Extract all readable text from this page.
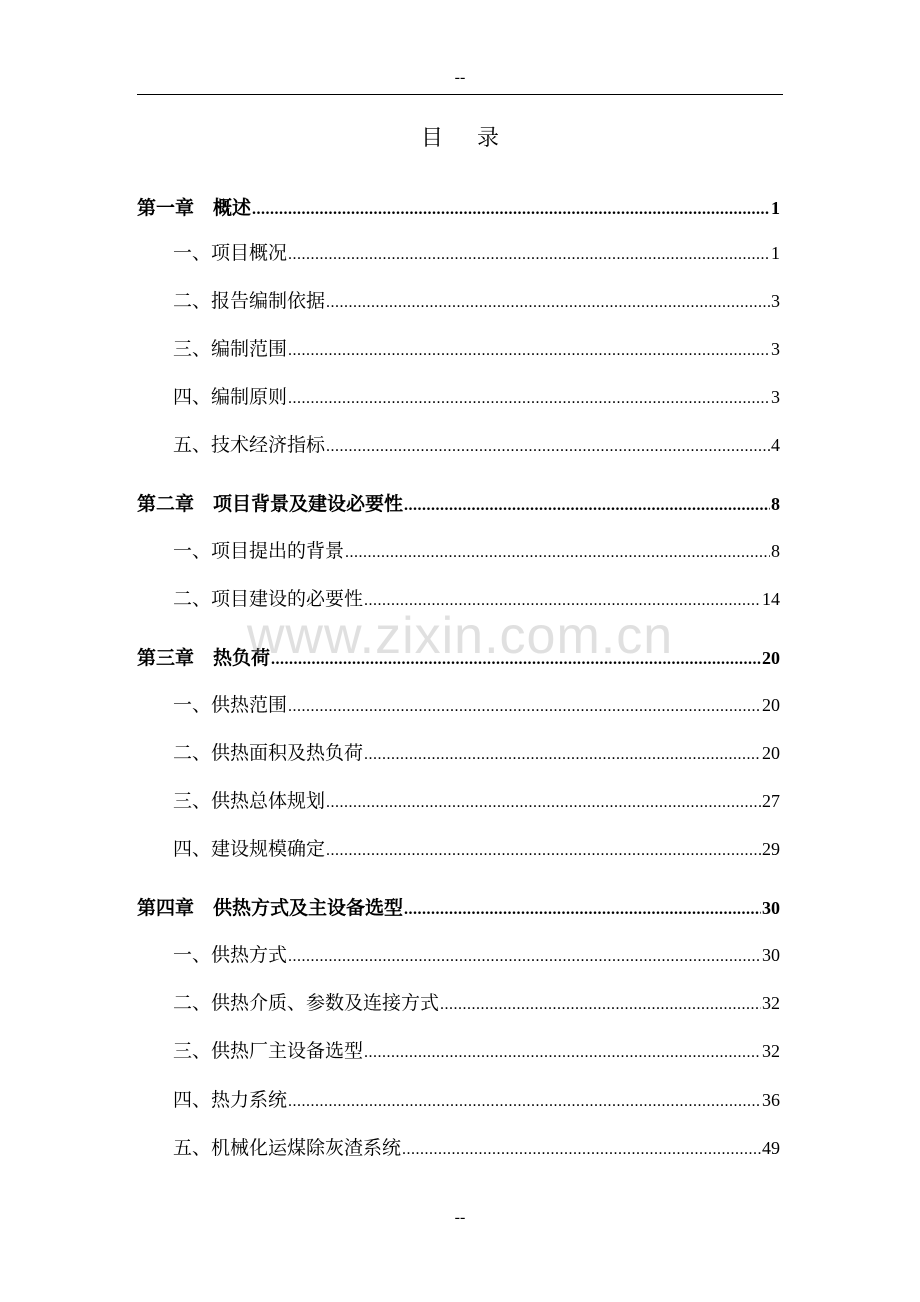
--
目录
第一章　概述 .....	1
一、项目概况 .....	1
二、报告编制依据 .....	3
三、编制范围 .....	3
四、编制原则 .....	3
五、技术经济指标 .....	4
第二章　项目背景及建设必要性 .....	8
一、项目提出的背景 .....	8
二、项目建设的必要性 .....	14
第三章　热负荷 .....	20
一、供热范围 .....	20
二、供热面积及热负荷 .....	20
三、供热总体规划 .....	27
四、建设规模确定 .....	29
第四章　供热方式及主设备选型 .....	30
一、供热方式 .....	30
二、供热介质、参数及连接方式 .....	32
三、供热厂主设备选型 .....	32
四、热力系统 .....	36
五、机械化运煤除灰渣系统 .....	49
www.zixin.com.cn
--
